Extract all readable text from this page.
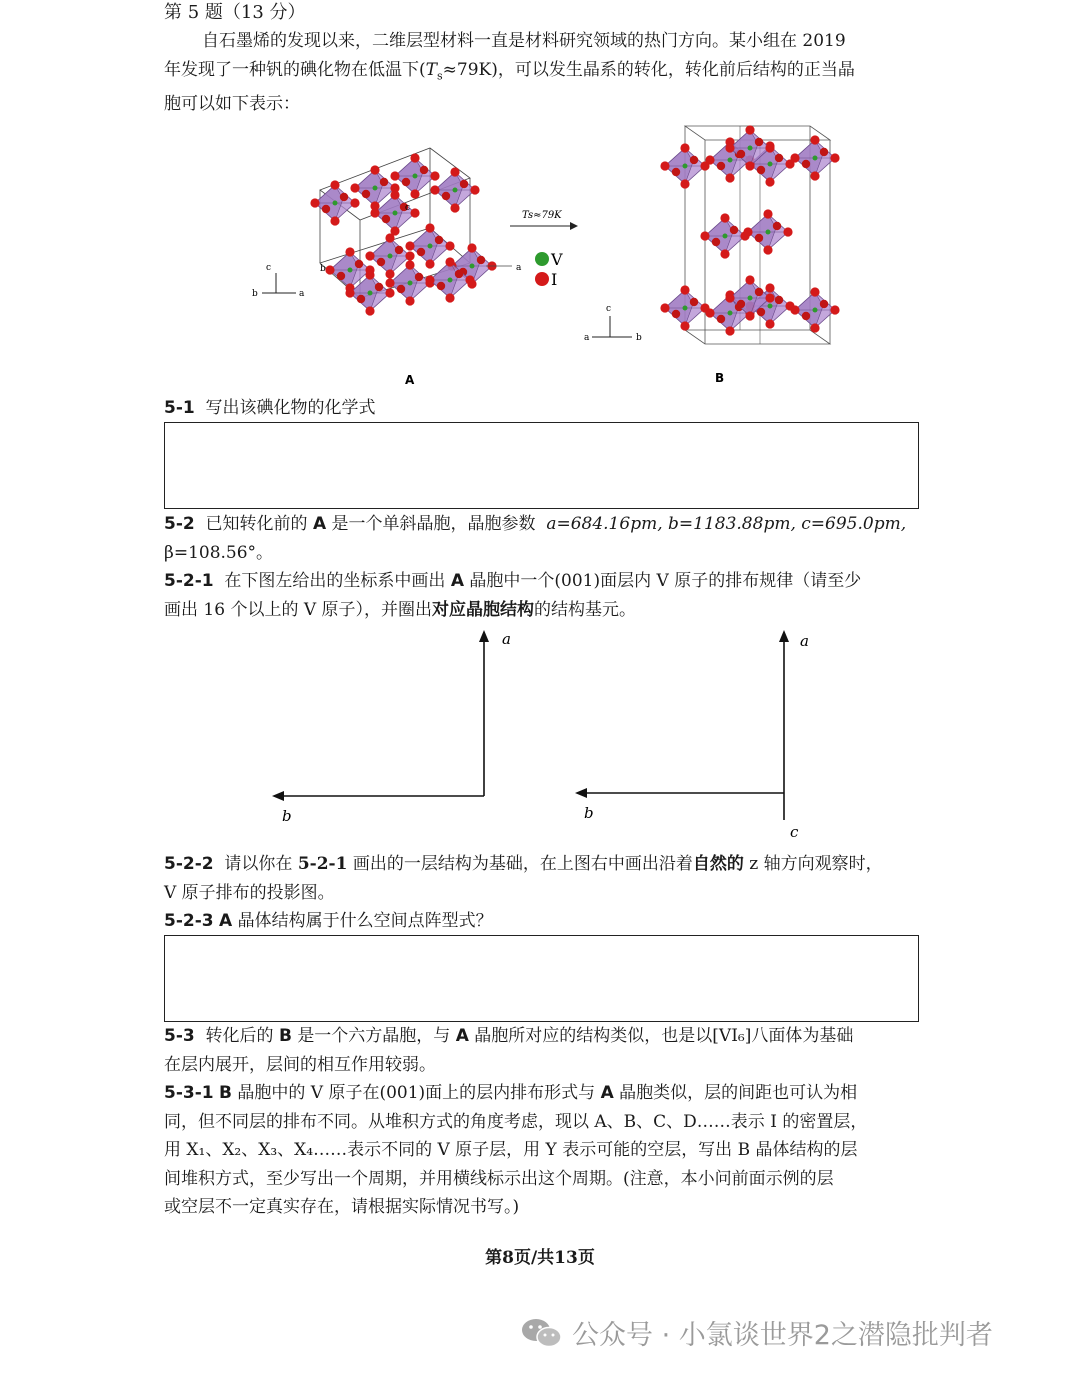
第 5 题（13 分）
自石墨烯的发现以来，二维层型材料一直是材料研究领域的热门方向。某小组在 2019
年发现了一种钒的碘化物在低温下$(T_s\approx 79K)$，可以发生晶系的转化，转化前后结构的正当晶
胞可以如下表示：
c
b	a
c
b	a
Ts≈79K
V
I
c
a	b
A	B
5-1 写出该碘化物的化学式
5-2 已知转化前的 A 是一个单斜晶胞，晶胞参数 a=684.16pm, b=1183.88pm, c=695.0pm,
β=108.56°。
5-2-1 在下图左给出的坐标系中画出 A 晶胞中一个(001)面层内 V 原子的排布规律（请至少
画出 16 个以上的 V 原子），并圈出对应晶胞结构的结构基元。
a
b
a
b
c
5-2-2 请以你在 5-2-1 画出的一层结构为基础，在上图右中画出沿着自然的 z 轴方向观察时，
V 原子排布的投影图。
5-2-3 A 晶体结构属于什么空间点阵型式？
5-3 转化后的 B 是一个六方晶胞，与 A 晶胞所对应的结构类似，也是以[VI₆]八面体为基础
在层内展开，层间的相互作用较弱。
5-3-1 B 晶胞中的 V 原子在(001)面上的层内排布形式与 A 晶胞类似，层的间距也可认为相
同，但不同层的排布不同。从堆积方式的角度考虑，现以 A、B、C、D……表示 I 的密置层，
用 X₁、X₂、X₃、X₄……表示不同的 V 原子层，用 Y 表示可能的空层，写出 B 晶体结构的层
间堆积方式，至少写出一个周期，并用横线标示出这个周期。(注意，本小问前面示例的层
或空层不一定真实存在，请根据实际情况书写。)
第8页/共13页
公众号 · 小氯谈世界2之潜隐批判者
